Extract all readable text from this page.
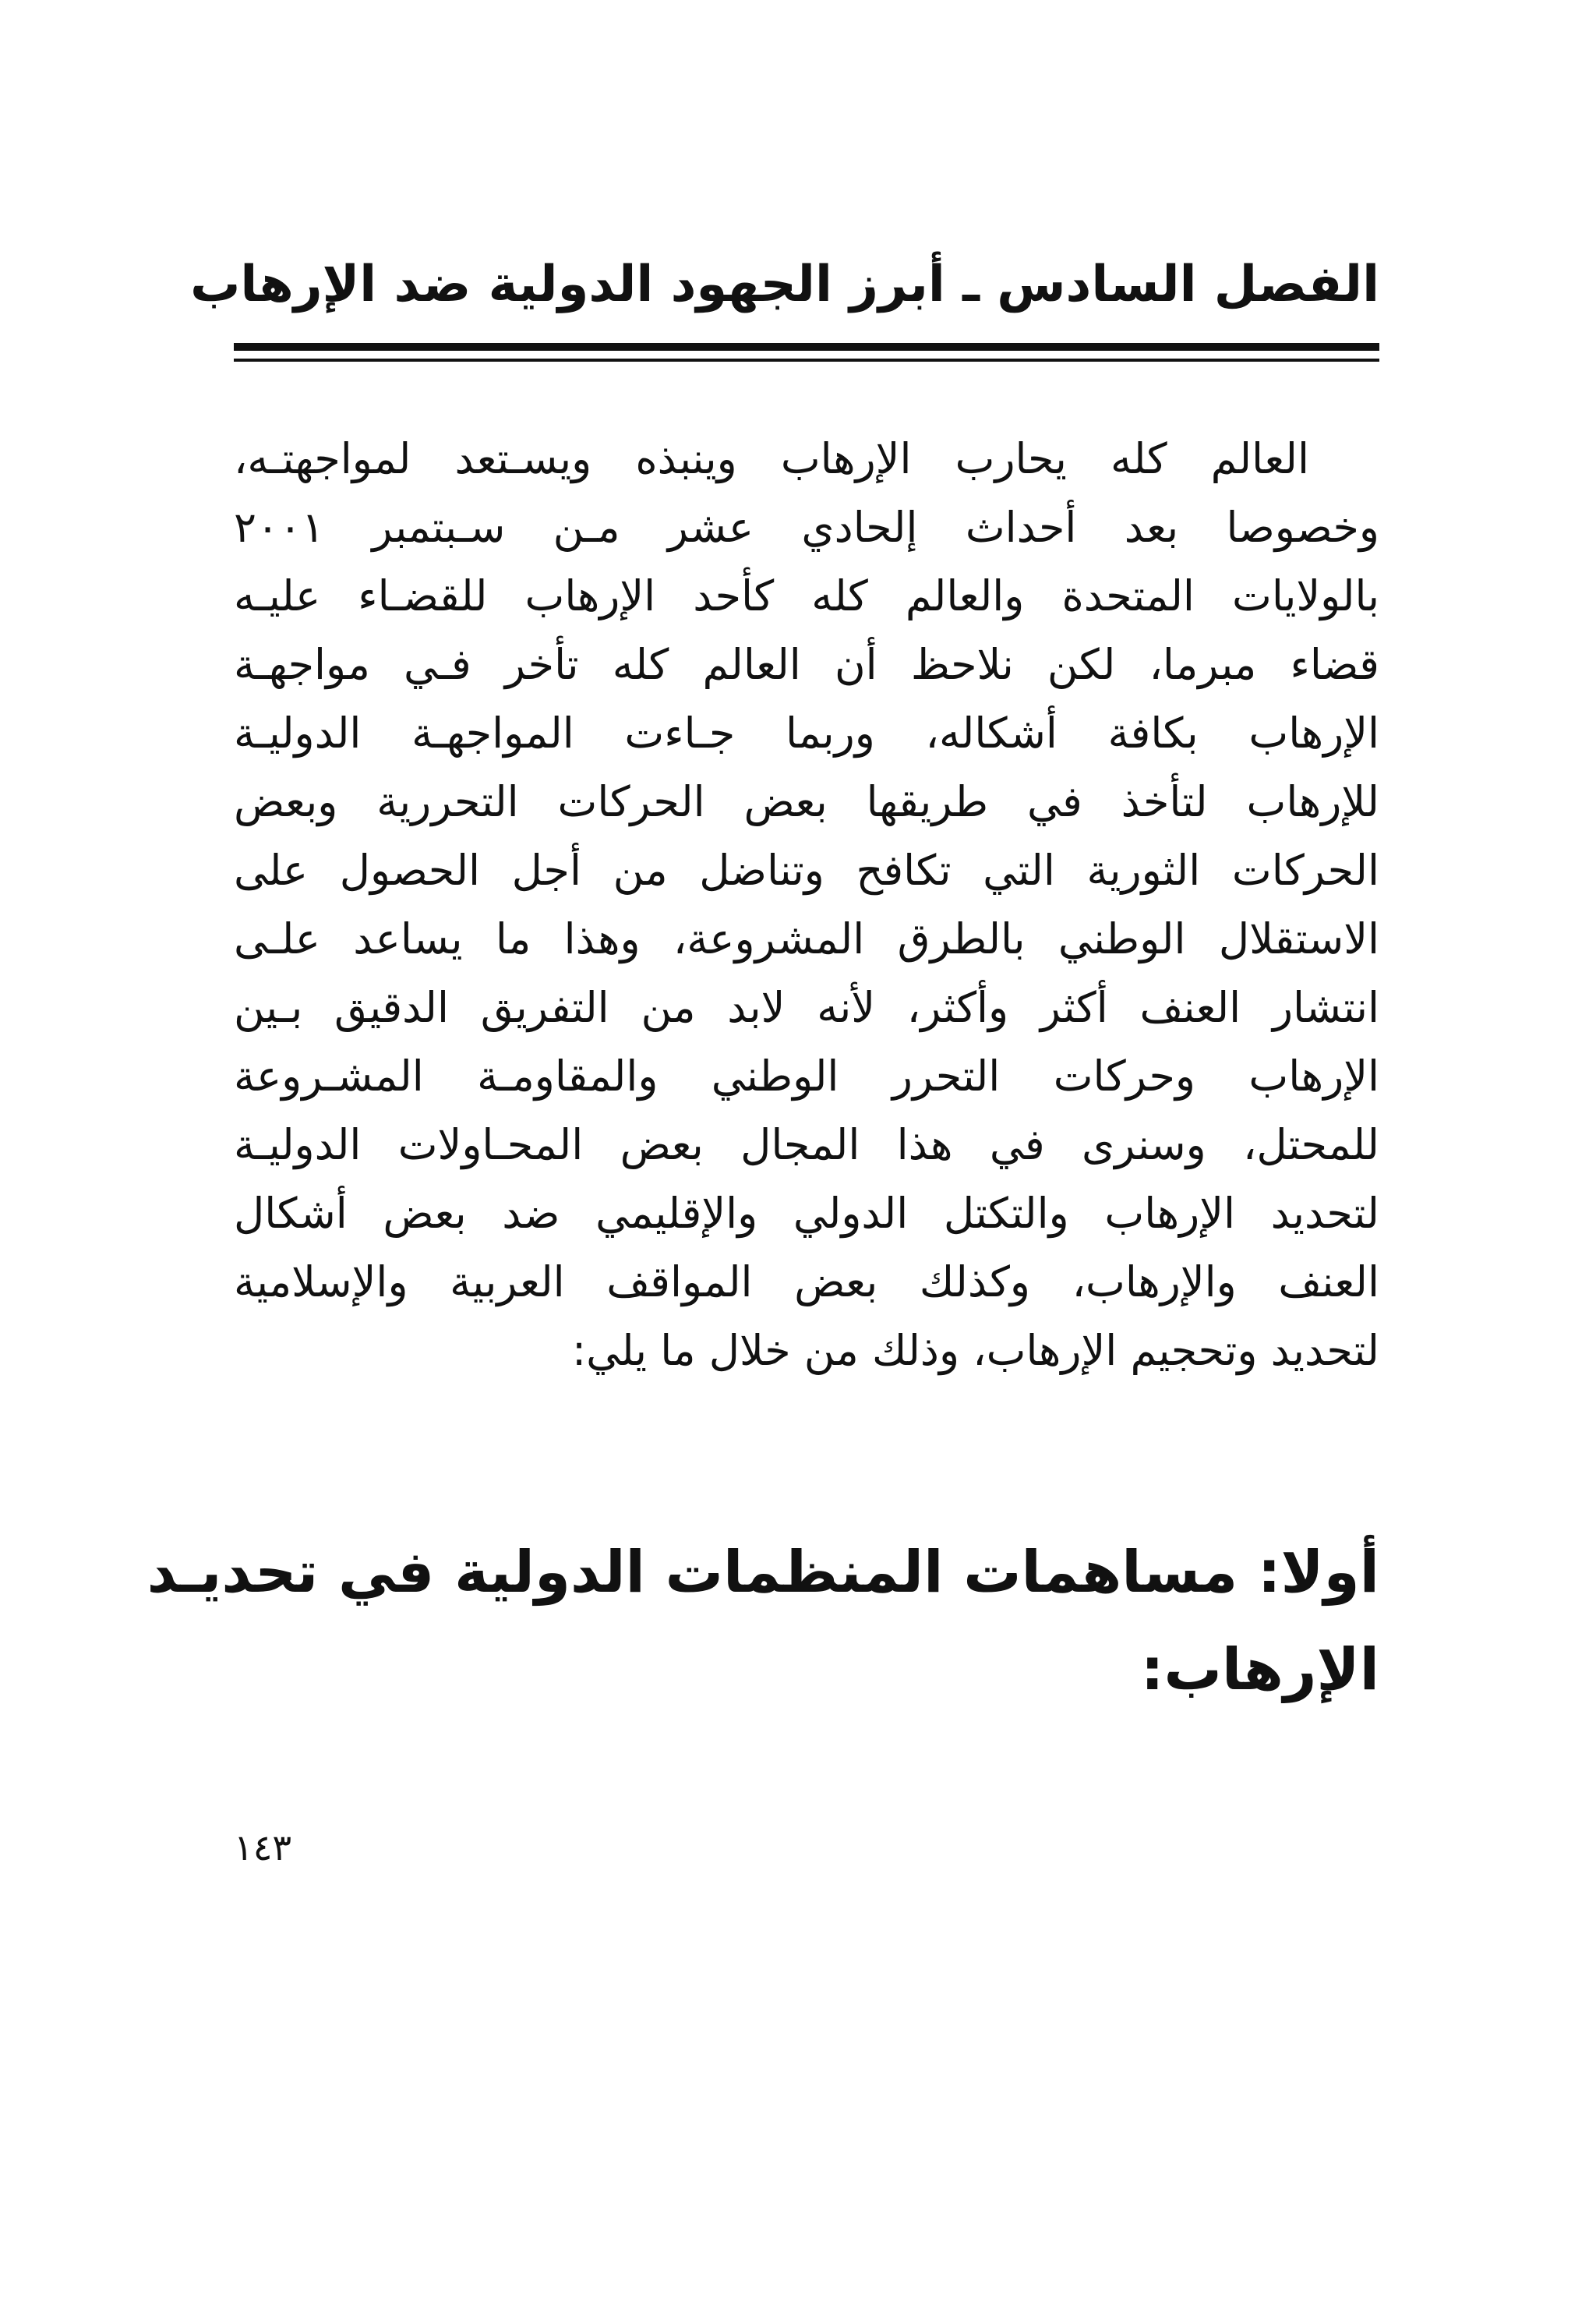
الفصل السادس ـ أبرز الجهود الدولية ضد الإرهاب
العالم كله يحارب الإرهاب وينبذه ويسـتعد لمواجهتـه،
وخصوصا بعد أحداث إلحادي عشر مـن سـبتمبر ٢٠٠١
بالولايات المتحدة والعالم كله كأحد الإرهاب للقضـاء عليـه
قضاء مبرما، لكن نلاحظ أن العالم كله تأخر فـي مواجهـة
الإرهاب بكافة أشكاله، وربما جـاءت المواجهـة الدوليـة
للإرهاب لتأخذ في طريقها بعض الحركات التحررية وبعض
الحركات الثورية التي تكافح وتناضل من أجل الحصول على
الاستقلال الوطني بالطرق المشروعة، وهذا ما يساعد علـى
انتشار العنف أكثر وأكثر، لأنه لابد من التفريق الدقيق بـين
الإرهاب وحركات التحرر الوطني والمقاومـة المشـروعة
للمحتل، وسنرى في هذا المجال بعض المحـاولات الدوليـة
لتحديد الإرهاب والتكتل الدولي والإقليمي ضد بعض أشكال
العنف والإرهاب، وكذلك بعض المواقف العربية والإسلامية
لتحديد وتحجيم الإرهاب، وذلك من خلال ما يلي:
أولا: مساهمات المنظمات الدولية في تحديـد
الإرهاب:
١٤٣
